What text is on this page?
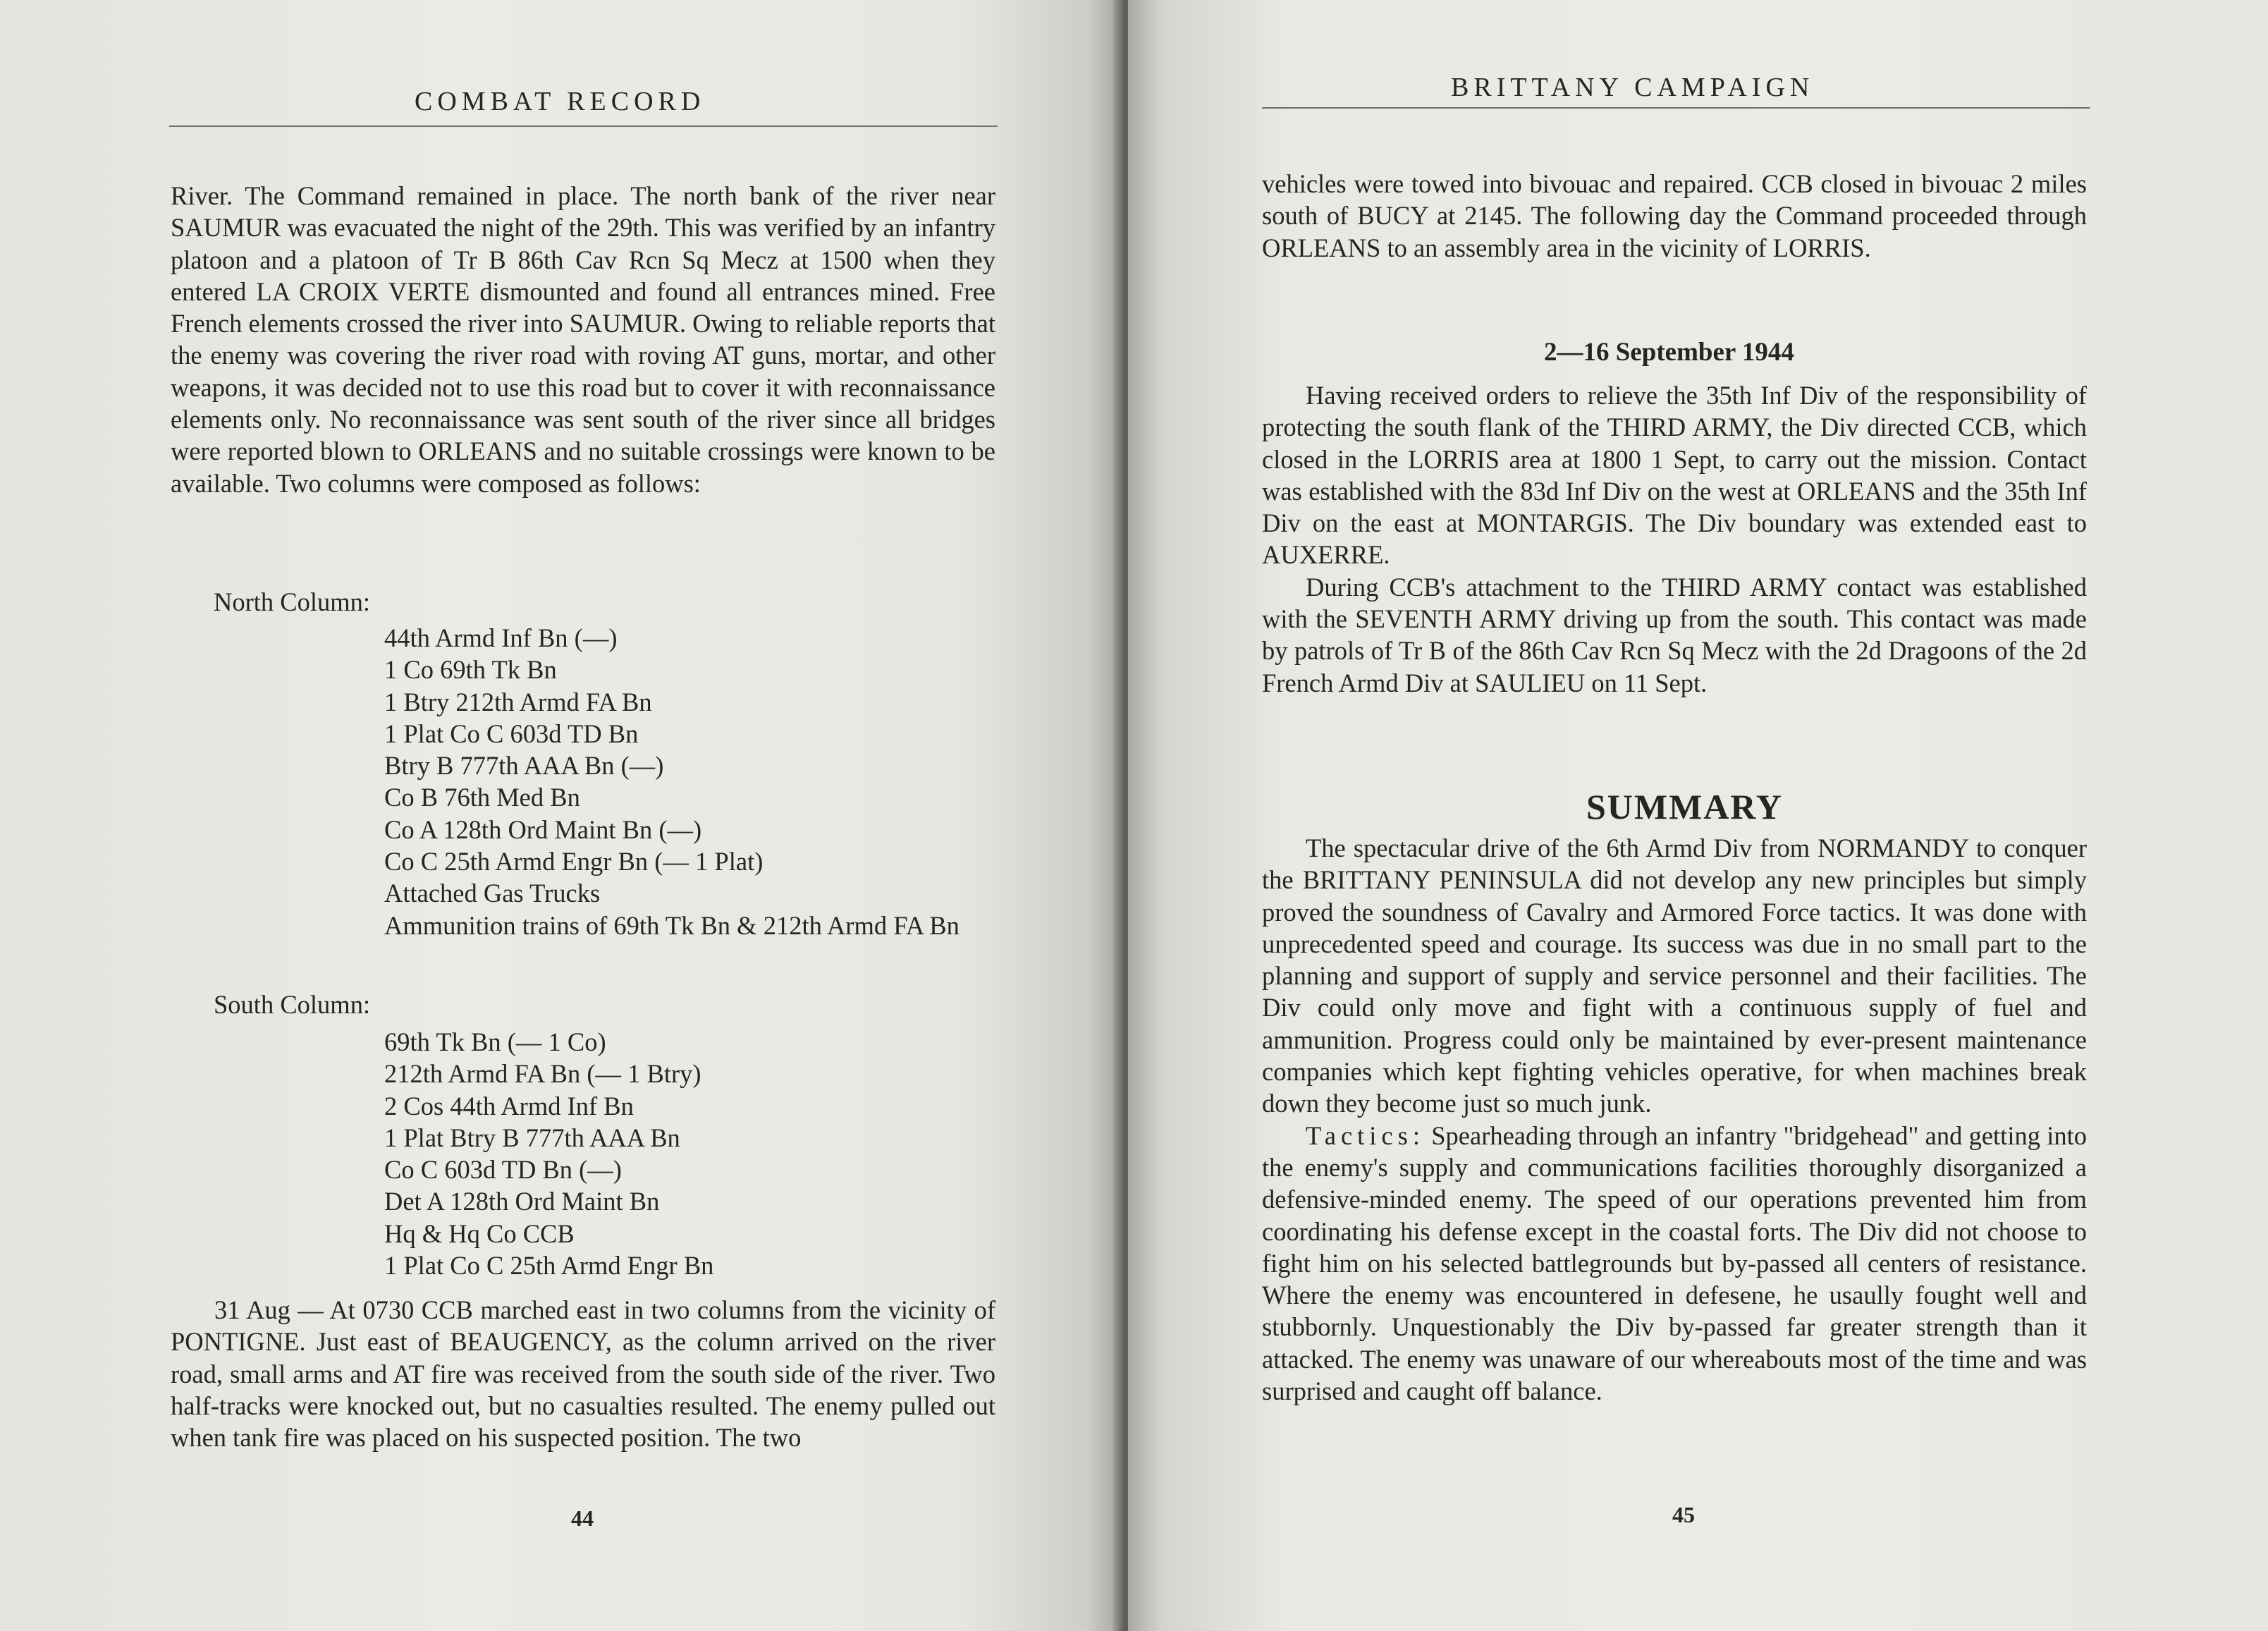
COMBAT RECORD

River. The Command remained in place. The north bank of the river near SAUMUR was evacuated the night of the 29th. This was verified by an infantry platoon and a platoon of Tr B 86th Cav Rcn Sq Mecz at 1500 when they entered LA CROIX VERTE dismounted and found all entrances mined. Free French elements crossed the river into SAUMUR. Owing to reliable reports that the enemy was covering the river road with roving AT guns, mortar, and other weapons, it was decided not to use this road but to cover it with reconnaissance elements only. No reconnaissance was sent south of the river since all bridges were reported blown to ORLEANS and no suitable crossings were known to be available. Two columns were composed as follows:

North Column:
44th Armd Inf Bn (—)
1 Co 69th Tk Bn
1 Btry 212th Armd FA Bn
1 Plat Co C 603d TD Bn
Btry B 777th AAA Bn (—)
Co B 76th Med Bn
Co A 128th Ord Maint Bn (—)
Co C 25th Armd Engr Bn (— 1 Plat)
Attached Gas Trucks
Ammunition trains of 69th Tk Bn & 212th Armd FA Bn
South Column:
69th Tk Bn (— 1 Co)
212th Armd FA Bn (— 1 Btry)
2 Cos 44th Armd Inf Bn
1 Plat Btry B 777th AAA Bn
Co C 603d TD Bn (—)
Det A 128th Ord Maint Bn
Hq & Hq Co CCB
1 Plat Co C 25th Armd Engr Bn

31 Aug — At 0730 CCB marched east in two columns from the vicinity of PONTIGNE. Just east of BEAUGENCY, as the column arrived on the river road, small arms and AT fire was received from the south side of the river. Two half-tracks were knocked out, but no casualties resulted. The enemy pulled out when tank fire was placed on his suspected position. The two

44
BRITTANY CAMPAIGN

vehicles were towed into bivouac and repaired. CCB closed in bivouac 2 miles south of BUCY at 2145. The following day the Command proceeded through ORLEANS to an assembly area in the vicinity of LORRIS.

2—16 September 1944

Having received orders to relieve the 35th Inf Div of the responsibility of protecting the south flank of the THIRD ARMY, the Div directed CCB, which closed in the LORRIS area at 1800 1 Sept, to carry out the mission. Contact was established with the 83d Inf Div on the west at ORLEANS and the 35th Inf Div on the east at MONTARGIS. The Div boundary was extended east to AUXERRE.

During CCB's attachment to the THIRD ARMY contact was established with the SEVENTH ARMY driving up from the south. This contact was made by patrols of Tr B of the 86th Cav Rcn Sq Mecz with the 2d Dragoons of the 2d French Armd Div at SAULIEU on 11 Sept.

SUMMARY

The spectacular drive of the 6th Armd Div from NORMANDY to conquer the BRITTANY PENINSULA did not develop any new principles but simply proved the soundness of Cavalry and Armored Force tactics. It was done with unprecedented speed and courage. Its success was due in no small part to the planning and support of supply and service personnel and their facilities. The Div could only move and fight with a continuous supply of fuel and ammunition. Progress could only be maintained by ever-present maintenance companies which kept fighting vehicles operative, for when machines break down they become just so much junk.

Tactics: Spearheading through an infantry "bridgehead" and getting into the enemy's supply and communications facilities thoroughly disorganized a defensive-minded enemy. The speed of our operations prevented him from coordinating his defense except in the coastal forts. The Div did not choose to fight him on his selected battlegrounds but by-passed all centers of resistance. Where the enemy was encountered in defesene, he usaully fought well and stubbornly. Unquestionably the Div by-passed far greater strength than it attacked. The enemy was unaware of our whereabouts most of the time and was surprised and caught off balance.

45
